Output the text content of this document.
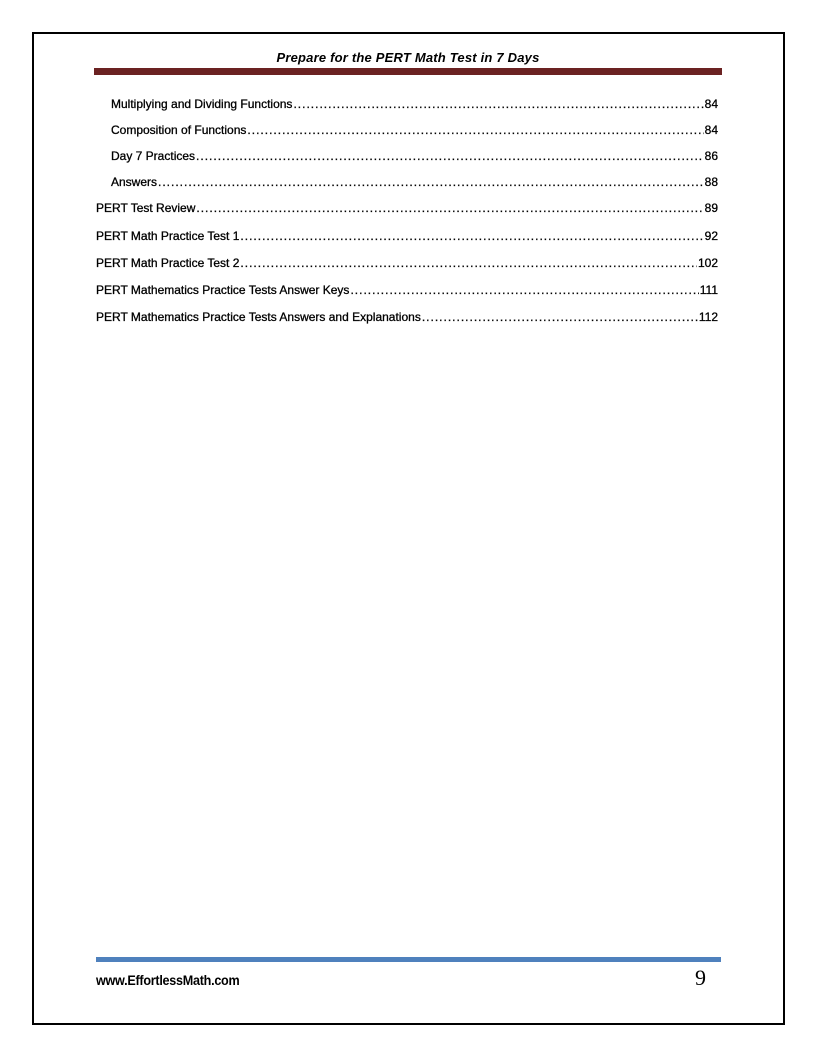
Prepare for the PERT Math Test in 7 Days
Multiplying and Dividing Functions .....	84
Composition of Functions .....	84
Day 7 Practices .....	86
Answers .....	88
PERT Test Review .....	89
PERT Math Practice Test 1 .....	92
PERT Math Practice Test 2 .....	102
PERT Mathematics Practice Tests Answer Keys .....	111
PERT Mathematics Practice Tests Answers and Explanations .....	112
www.EffortlessMath.com	9
